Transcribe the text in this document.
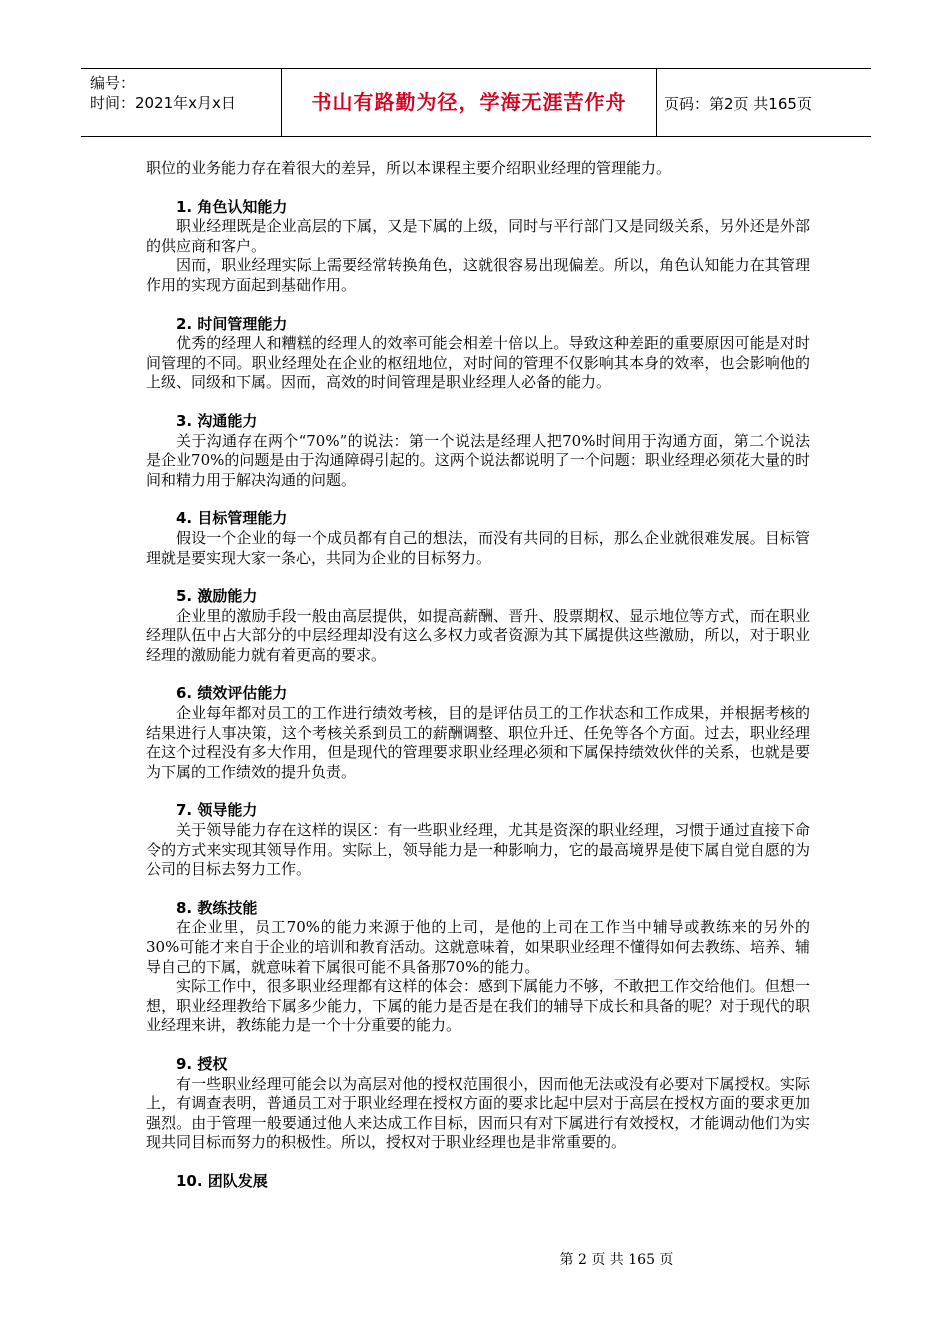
编号：
时间：2021年x月x日	书山有路勤为径，学海无涯苦作舟	页码：第2页 共165页

职位的业务能力存在着很大的差异，所以本课程主要介绍职业经理的管理能力。

1. 角色认知能力

职业经理既是企业高层的下属，又是下属的上级，同时与平行部门又是同级关系，另外还是外部的供应商和客户。

因而，职业经理实际上需要经常转换角色，这就很容易出现偏差。所以，角色认知能力在其管理作用的实现方面起到基础作用。

2. 时间管理能力

优秀的经理人和糟糕的经理人的效率可能会相差十倍以上。导致这种差距的重要原因可能是对时间管理的不同。职业经理处在企业的枢纽地位，对时间的管理不仅影响其本身的效率，也会影响他的上级、同级和下属。因而，高效的时间管理是职业经理人必备的能力。

3. 沟通能力

关于沟通存在两个“70%”的说法：第一个说法是经理人把70%时间用于沟通方面，第二个说法是企业70%的问题是由于沟通障碍引起的。这两个说法都说明了一个问题：职业经理必须花大量的时间和精力用于解决沟通的问题。

4. 目标管理能力

假设一个企业的每一个成员都有自己的想法，而没有共同的目标，那么企业就很难发展。目标管理就是要实现大家一条心，共同为企业的目标努力。

5. 激励能力

企业里的激励手段一般由高层提供，如提高薪酬、晋升、股票期权、显示地位等方式，而在职业经理队伍中占大部分的中层经理却没有这么多权力或者资源为其下属提供这些激励，所以，对于职业经理的激励能力就有着更高的要求。

6. 绩效评估能力

企业每年都对员工的工作进行绩效考核，目的是评估员工的工作状态和工作成果，并根据考核的结果进行人事决策，这个考核关系到员工的薪酬调整、职位升迁、任免等各个方面。过去，职业经理在这个过程没有多大作用，但是现代的管理要求职业经理必须和下属保持绩效伙伴的关系，也就是要为下属的工作绩效的提升负责。

7. 领导能力

关于领导能力存在这样的误区：有一些职业经理，尤其是资深的职业经理，习惯于通过直接下命令的方式来实现其领导作用。实际上，领导能力是一种影响力，它的最高境界是使下属自觉自愿的为公司的目标去努力工作。

8. 教练技能

在企业里，员工70%的能力来源于他的上司，是他的上司在工作当中辅导或教练来的另外的30%可能才来自于企业的培训和教育活动。这就意味着，如果职业经理不懂得如何去教练、培养、辅导自己的下属，就意味着下属很可能不具备那70%的能力。

实际工作中，很多职业经理都有这样的体会：感到下属能力不够，不敢把工作交给他们。但想一想，职业经理教给下属多少能力，下属的能力是否是在我们的辅导下成长和具备的呢？对于现代的职业经理来讲，教练能力是一个十分重要的能力。

9. 授权

有一些职业经理可能会以为高层对他的授权范围很小，因而他无法或没有必要对下属授权。实际上，有调查表明，普通员工对于职业经理在授权方面的要求比起中层对于高层在授权方面的要求更加强烈。由于管理一般要通过他人来达成工作目标，因而只有对下属进行有效授权，才能调动他们为实现共同目标而努力的积极性。所以，授权对于职业经理也是非常重要的。

10. 团队发展
第 2 页 共 165 页
